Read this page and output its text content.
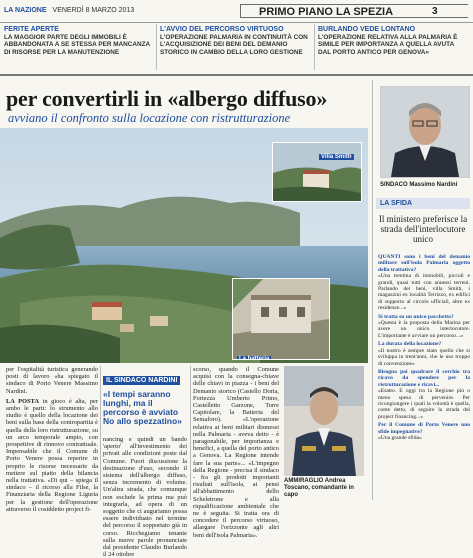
LA NAZIONE VENERDÌ 8 MARZO 2013	PRIMO PIANO LA SPEZIA	3
FERITE APERTE
LA MAGGIOR PARTE DEGLI IMMOBILI È ABBANDONATA A SE STESSA PER MANCANZA DI RISORSE PER LA MANUTENZIONE
L'AVVIO DEL PERCORSO VIRTUOSO
L'OPERAZIONE PALMARIA IN CONTINUITÀ CON L'ACQUISIZIONE DEI BENI DEL DEMANIO STORICO IN CAMBIO DELLA LORO GESTIONE
BURLANDO VEDE LONTANO
L'OPERAZIONE RELATIVA ALLA PALMARIA È SIMILE PER IMPORTANZA A QUELLA AVUTA DAL PORTO ANTICO PER GENOVA»
per convertirli in «albergo diffuso»
avviano il confronto sulla locazione con ristrutturazione
Villa Smith
La batteria
per l'ospitalità turistica generando posti di lavoro «ha spiegato il sindaco di Porto Venere Massimo Nardini.
LA POSTA in gioco è alta, per ambo le parti: lo strumento allo studio è quello della locazione dei beni sulla base della contropartita è quella della loro ristrutturazione, su un arco temporale ampio, con prospettive di rinnovo contrattuale. Impensabile che il Comune di Porto Venere possa reperire in proprio le risorse necessarie da mettere sul piatto della bilancia nella trattativa. «Di qui – spiega il sindaco – il ricorso alla Filse, la Finanziaria della Regione Liguria per la gestione dell'operazione attraverso il cosiddetto project fi-
IL SINDACO NARDINI
«I tempi saranno lunghi, ma il percorso è avviato No allo spezzatino»
nancing e quindi un bando 'aperto' all'investimento dei privati alle condizioni poste dal Comune. Fuori discussione la destinazione d'uso, secondo il sistema dell'albergo diffuso, senza incremento di volume. Un'altra strada, che comunque non esclude la prima ma può integrarla, ad opera di un soggetto che ci auguriamo possa essere individuato nel termine del percorso il sopportato già in corso. Ricchegiamo tenante sulla nuove parole pronunciate dal presidente Claudio Burlando il 24 ottobre
scorso, quando il Comune acquisì con la consegna-chiave delle chiavi in piazza - i beni del Demanio storico (Castello Doria, Fortezza Umberto Primo, Castelletto Garzone, Torre Capitolare, la Batteria del Semaforo). «L'operazione relativa ai beni militari dismessi nella Palmaria - aveva detto - è paragonabile, per importanza e benefici, a quella del porto antico a Genova. La Regione intende fare la sua parte»... «L'impegno della Regione - precisa il sindaco - fra gli prodotti importanti risultati sull'isola, ai pensi all'abbattimento dello Scheletrone e alla riqualificazione ambientale che ne è seguita. Si tratta ora di concedere il percorso virtuoso, allargare l'orizzonte agli altri beni dell'isola Palmaria».
AMMIRAGLIO Andrea Toscano, comandante in capo
SINDACO Massimo Nardini
LA SFIDA
Il ministero preferisce la strada dell'interlocutore unico
QUANTI sono i beni del demanio militare sull'isola Palmaria oggetto della trattativa?
«Una trentina di immobili, piccoli e grandi, quasi tutti con annessi terreni. Parlando dei beni, villa Smith, i magazzini ex località Terrizzo, ex edifici di supporto al circolo ufficiali, altre ex residenze...»
Si tratta su un unico pacchetto?
«Questa è la proposta della Marina per avere un unico interlocutore. L'importante è avviare un percorso...»
La durata della locazione?
«Il nostro è sempre stato quello che si sviluppa in trent'anni, che le uso troppo di convenzione»
Bisogna poi quadrare il cerchio tra ricavo da spendere per la ristrutturazione e ricavi...
«Esatto. E oggi tra la Regione più o meno spesa di pervenire. Per ricongiungere i quali la volontà è quella, come detto, di seguire la strada del project financing...»
Per il Comune di Porto Venere uno sfide impegnative?
«Una grande sfida»
